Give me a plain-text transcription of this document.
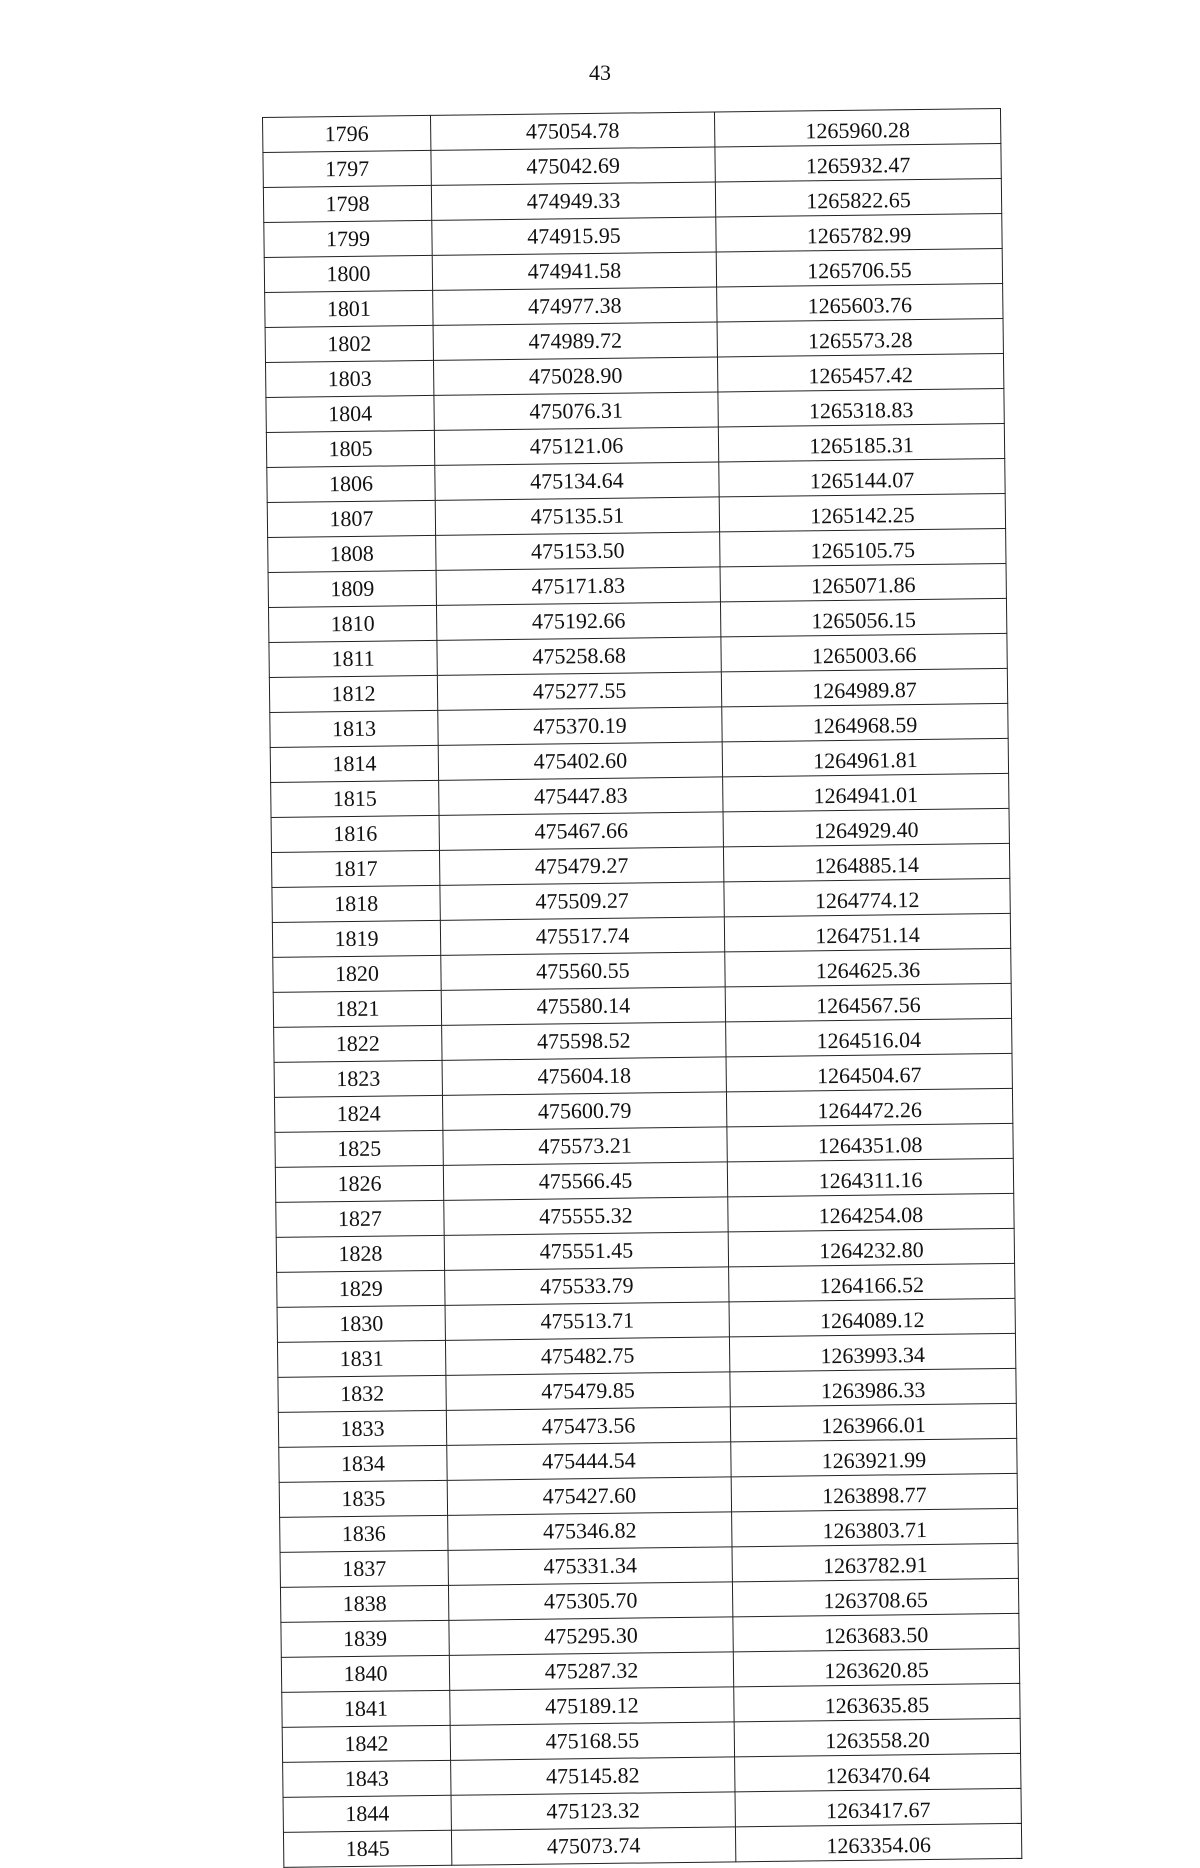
43
1796	475054.78	1265960.28
1797	475042.69	1265932.47
1798	474949.33	1265822.65
1799	474915.95	1265782.99
1800	474941.58	1265706.55
1801	474977.38	1265603.76
1802	474989.72	1265573.28
1803	475028.90	1265457.42
1804	475076.31	1265318.83
1805	475121.06	1265185.31
1806	475134.64	1265144.07
1807	475135.51	1265142.25
1808	475153.50	1265105.75
1809	475171.83	1265071.86
1810	475192.66	1265056.15
1811	475258.68	1265003.66
1812	475277.55	1264989.87
1813	475370.19	1264968.59
1814	475402.60	1264961.81
1815	475447.83	1264941.01
1816	475467.66	1264929.40
1817	475479.27	1264885.14
1818	475509.27	1264774.12
1819	475517.74	1264751.14
1820	475560.55	1264625.36
1821	475580.14	1264567.56
1822	475598.52	1264516.04
1823	475604.18	1264504.67
1824	475600.79	1264472.26
1825	475573.21	1264351.08
1826	475566.45	1264311.16
1827	475555.32	1264254.08
1828	475551.45	1264232.80
1829	475533.79	1264166.52
1830	475513.71	1264089.12
1831	475482.75	1263993.34
1832	475479.85	1263986.33
1833	475473.56	1263966.01
1834	475444.54	1263921.99
1835	475427.60	1263898.77
1836	475346.82	1263803.71
1837	475331.34	1263782.91
1838	475305.70	1263708.65
1839	475295.30	1263683.50
1840	475287.32	1263620.85
1841	475189.12	1263635.85
1842	475168.55	1263558.20
1843	475145.82	1263470.64
1844	475123.32	1263417.67
1845	475073.74	1263354.06
